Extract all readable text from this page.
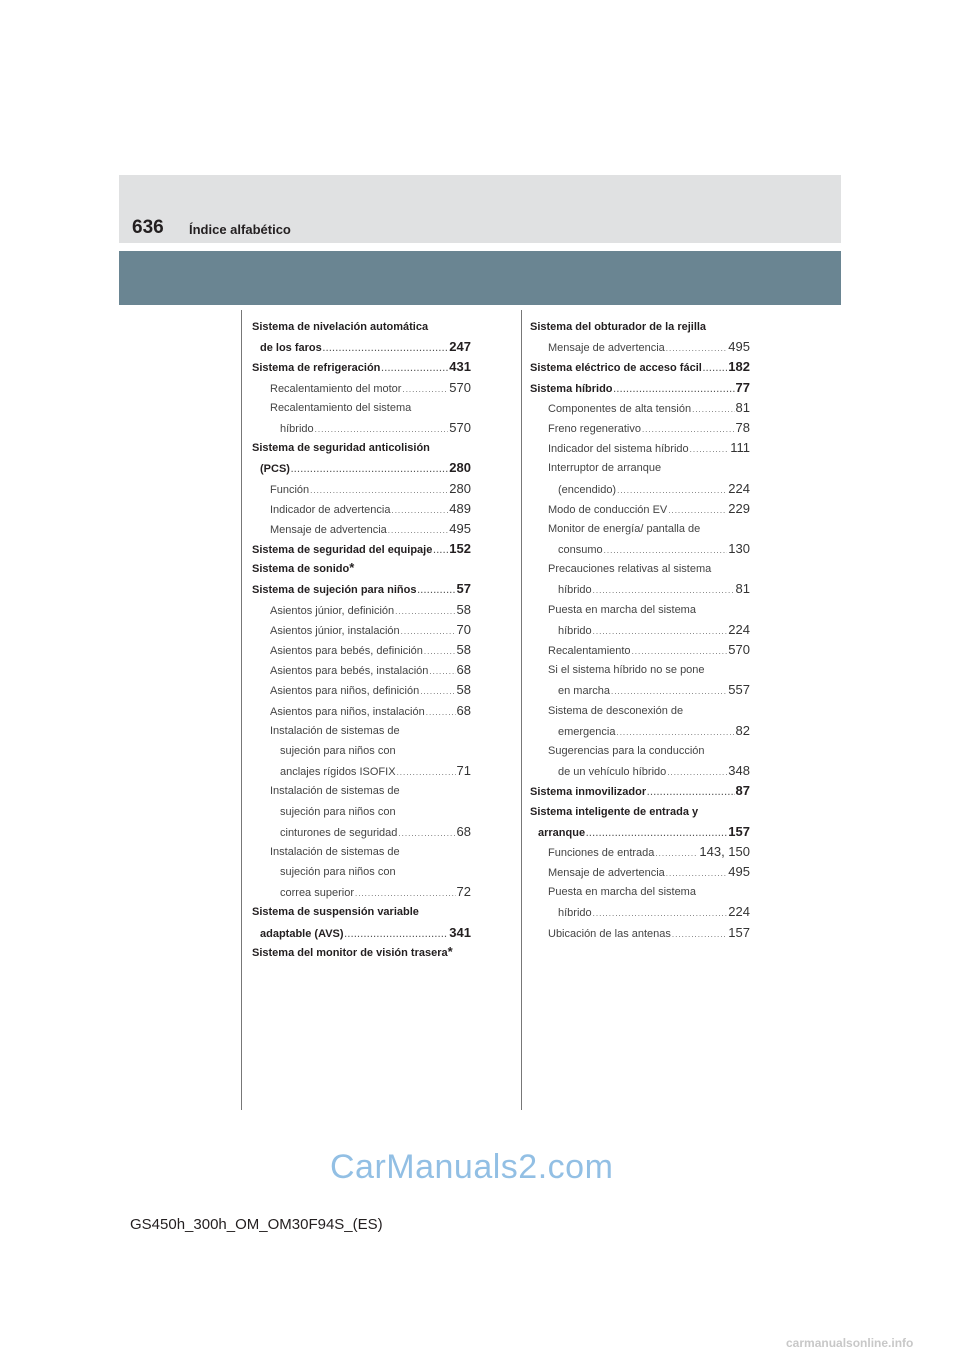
636 Índice alfabético
Sistema de nivelación automática
de los faros .....	247
Sistema de refrigeración .....	431
Recalentamiento del motor .....	570
Recalentamiento del sistema
híbrido .....	570
Sistema de seguridad anticolisión
(PCS) .....	280
Función .....	280
Indicador de advertencia .....	489
Mensaje de advertencia .....	495
Sistema de seguridad del equipaje ..... 152
Sistema de sonido *
Sistema de sujeción para niños .....	57
Asientos júnior, definición .....	58
Asientos júnior, instalación .....	70
Asientos para bebés, definición .....	58
Asientos para bebés, instalación ..... 68
Asientos para niños, definición .....	58
Asientos para niños, instalación ..... 68
Instalación de sistemas de
sujeción para niños con
anclajes rígidos ISOFIX .....	71
Instalación de sistemas de
sujeción para niños con
cinturones de seguridad .....	68
Instalación de sistemas de
sujeción para niños con
correa superior .....	72
Sistema de suspensión variable
adaptable (AVS) .....	341
Sistema del monitor de visión trasera *
Sistema del obturador de la rejilla
Mensaje de advertencia .....	495
Sistema eléctrico de acceso fácil ..... 182
Sistema híbrido .....	77
Componentes de alta tensión .....	81
Freno regenerativo .....	78
Indicador del sistema híbrido .....	111
Interruptor de arranque
(encendido) .....	224
Modo de conducción EV .....	229
Monitor de energía/ pantalla de
consumo .....	130
Precauciones relativas al sistema
híbrido .....	81
Puesta en marcha del sistema
híbrido .....	224
Recalentamiento .....	570
Si el sistema híbrido no se pone
en marcha .....	557
Sistema de desconexión de
emergencia .....	82
Sugerencias para la conducción
de un vehículo híbrido .....	348
Sistema inmovilizador .....	87
Sistema inteligente de entrada y
arranque .....	157
Funciones de entrada .....	143, 150
Mensaje de advertencia .....	495
Puesta en marcha del sistema
híbrido .....	224
Ubicación de las antenas .....	157
CarManuals2.com
GS450h_300h_OM_OM30F94S_(ES)
carmanualsonline.info
